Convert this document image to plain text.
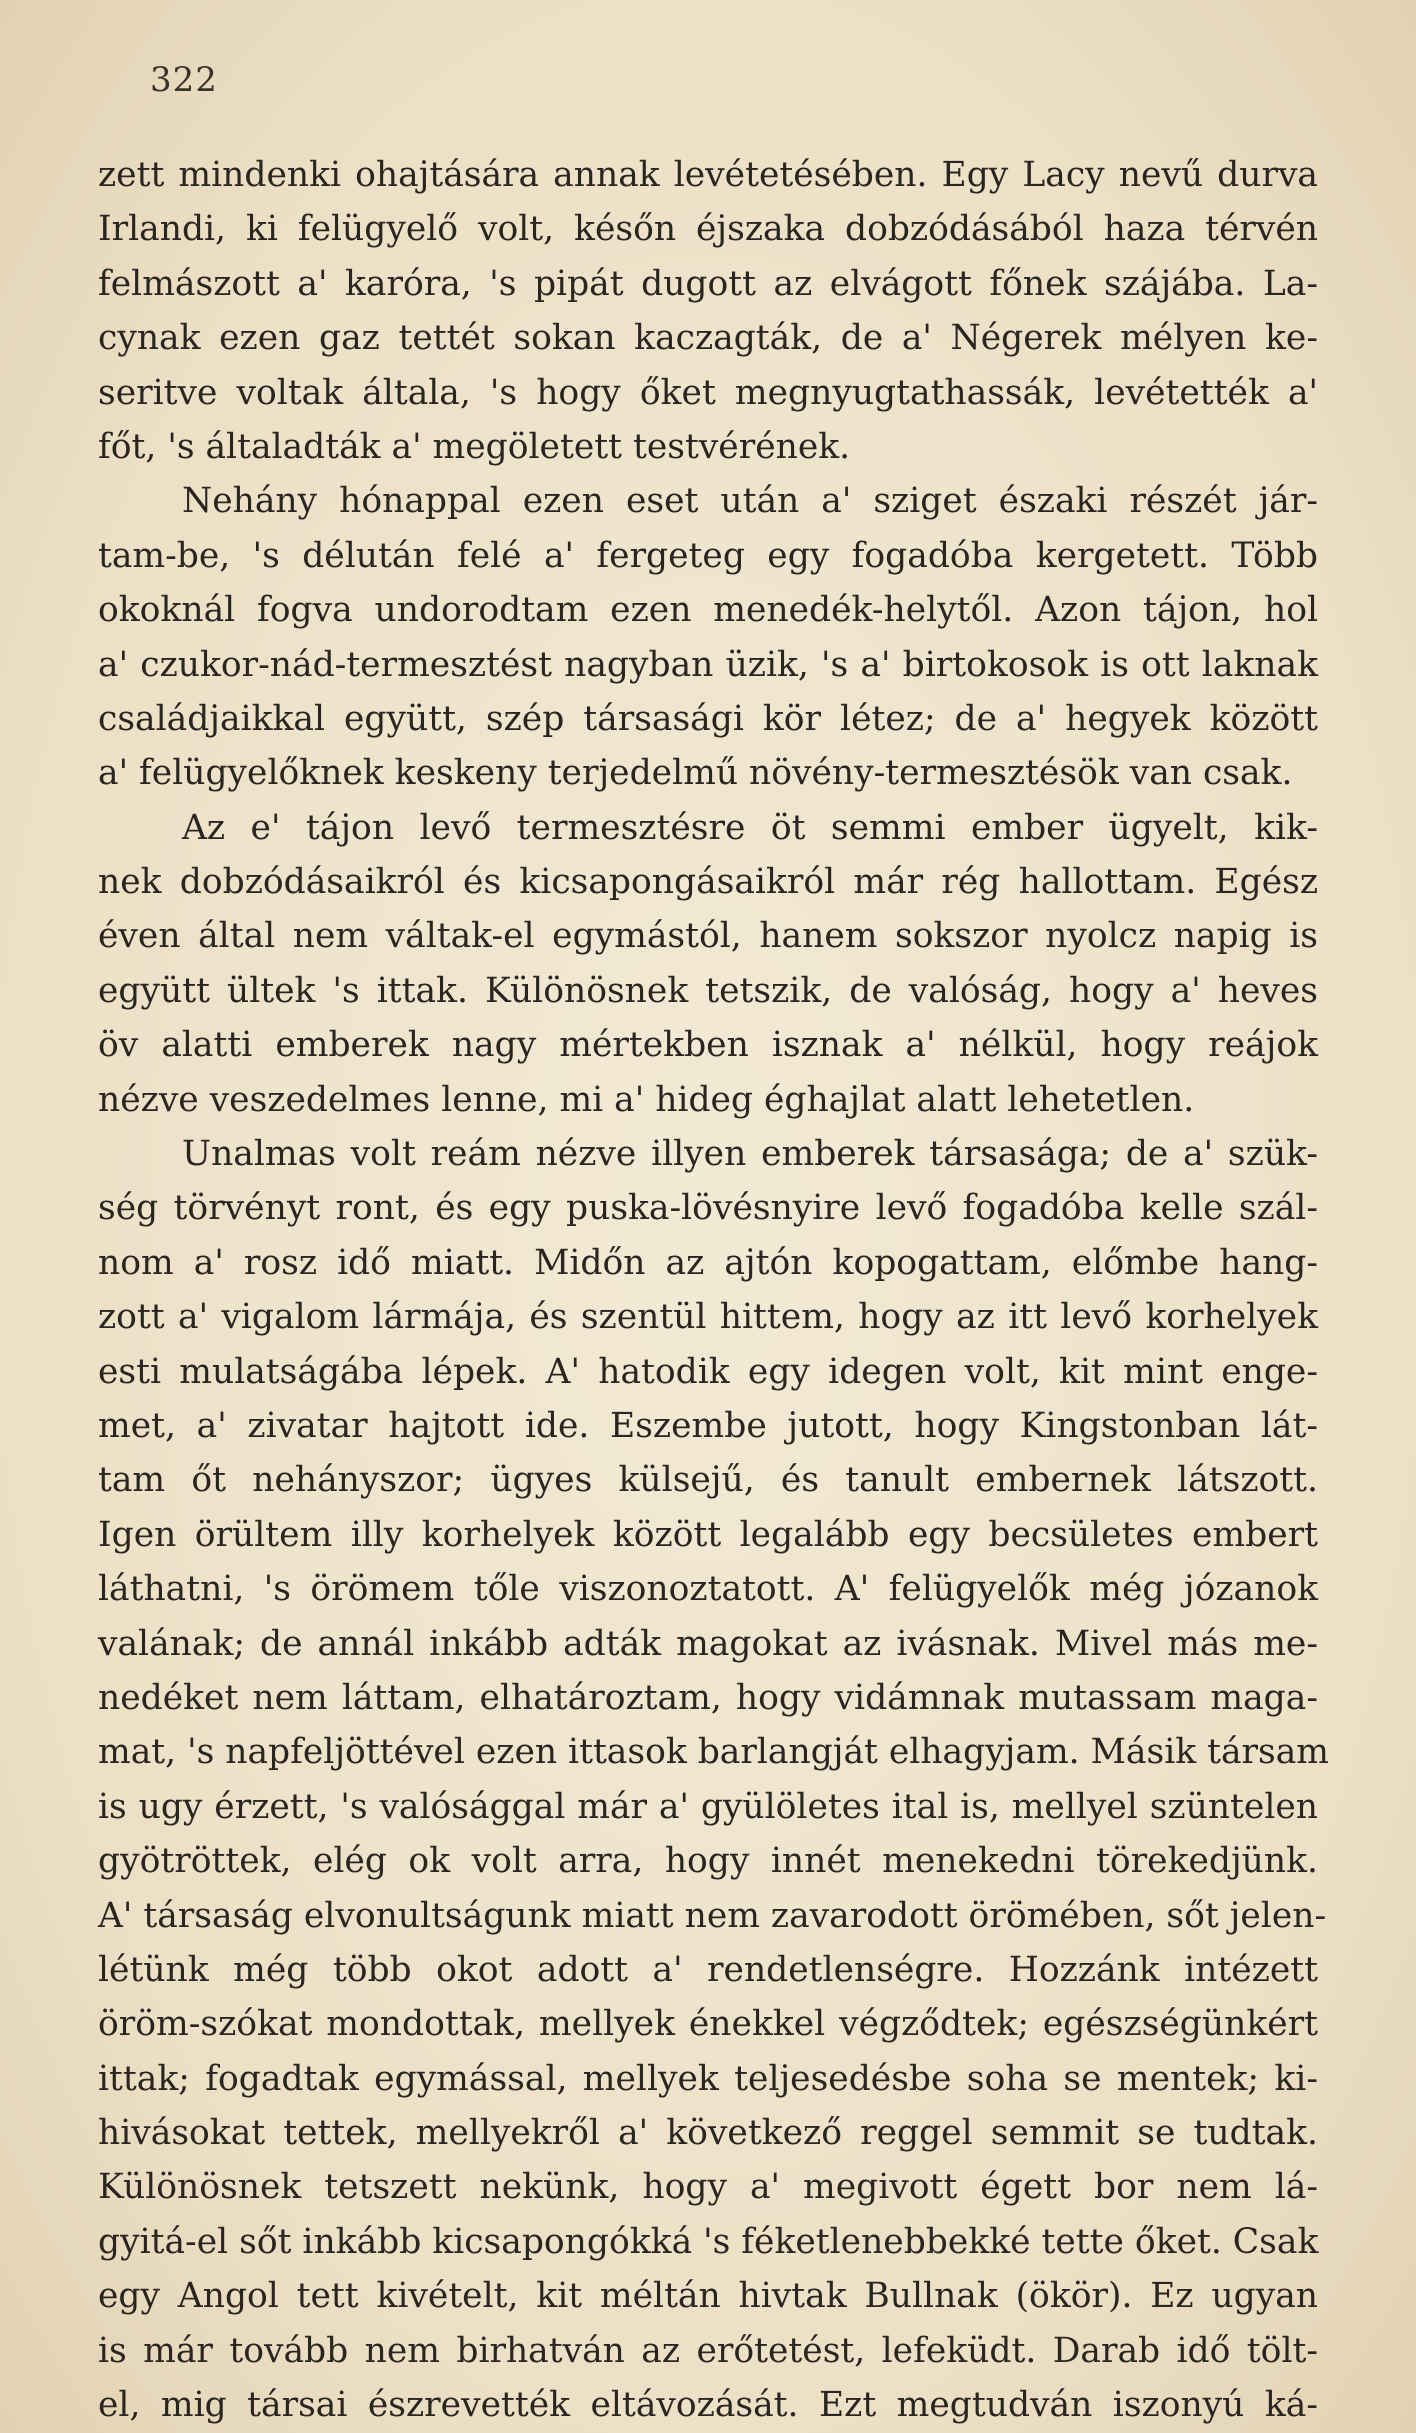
322
zett mindenki ohajtására annak levétetésében. Egy Lacy nevű durva
Irlandi, ki felügyelő volt, későn éjszaka dobzódásából haza térvén
felmászott a' karóra, 's pipát dugott az elvágott főnek szájába. La-
cynak ezen gaz tettét sokan kaczagták, de a' Négerek mélyen ke-
seritve voltak általa, 's hogy őket megnyugtathassák, levétették a'
főt, 's általadták a' megöletett testvérének.
Nehány hónappal ezen eset után a' sziget északi részét jár-
tam-be, 's délután felé a' fergeteg egy fogadóba kergetett. Több
okoknál fogva undorodtam ezen menedék-helytől. Azon tájon, hol
a' czukor-nád-termesztést nagyban üzik, 's a' birtokosok is ott laknak
családjaikkal együtt, szép társasági kör létez; de a' hegyek között
a' felügyelőknek keskeny terjedelmű növény-termesztésök van csak.
Az e' tájon levő termesztésre öt semmi ember ügyelt, kik-
nek dobzódásaikról és kicsapongásaikról már rég hallottam. Egész
éven által nem váltak-el egymástól, hanem sokszor nyolcz napig is
együtt ültek 's ittak. Különösnek tetszik, de valóság, hogy a' heves
öv alatti emberek nagy mértekben isznak a' nélkül, hogy reájok
nézve veszedelmes lenne, mi a' hideg éghajlat alatt lehetetlen.
Unalmas volt reám nézve illyen emberek társasága; de a' szük-
ség törvényt ront, és egy puska-lövésnyire levő fogadóba kelle szál-
nom a' rosz idő miatt. Midőn az ajtón kopogattam, előmbe hang-
zott a' vigalom lármája, és szentül hittem, hogy az itt levő korhelyek
esti mulatságába lépek. A' hatodik egy idegen volt, kit mint enge-
met, a' zivatar hajtott ide. Eszembe jutott, hogy Kingstonban lát-
tam őt nehányszor; ügyes külsejű, és tanult embernek látszott.
Igen örültem illy korhelyek között legalább egy becsületes embert
láthatni, 's örömem tőle viszonoztatott. A' felügyelők még józanok
valának; de annál inkább adták magokat az ivásnak. Mivel más me-
nedéket nem láttam, elhatároztam, hogy vidámnak mutassam maga-
mat, 's napfeljöttével ezen ittasok barlangját elhagyjam. Másik társam
is ugy érzett, 's valósággal már a' gyülöletes ital is, mellyel szüntelen
gyötröttek, elég ok volt arra, hogy innét menekedni törekedjünk.
A' társaság elvonultságunk miatt nem zavarodott örömében, sőt jelen-
létünk még több okot adott a' rendetlenségre. Hozzánk intézett
öröm-szókat mondottak, mellyek énekkel végződtek; egészségünkért
ittak; fogadtak egymással, mellyek teljesedésbe soha se mentek; ki-
hivásokat tettek, mellyekről a' következő reggel semmit se tudtak.
Különösnek tetszett nekünk, hogy a' megivott égett bor nem lá-
gyitá-el sőt inkább kicsapongókká 's féketlenebbekké tette őket. Csak
egy Angol tett kivételt, kit méltán hivtak Bullnak (ökör). Ez ugyan
is már tovább nem birhatván az erőtetést, lefeküdt. Darab idő tölt-
el, mig társai észrevették eltávozását. Ezt megtudván iszonyú ká-
